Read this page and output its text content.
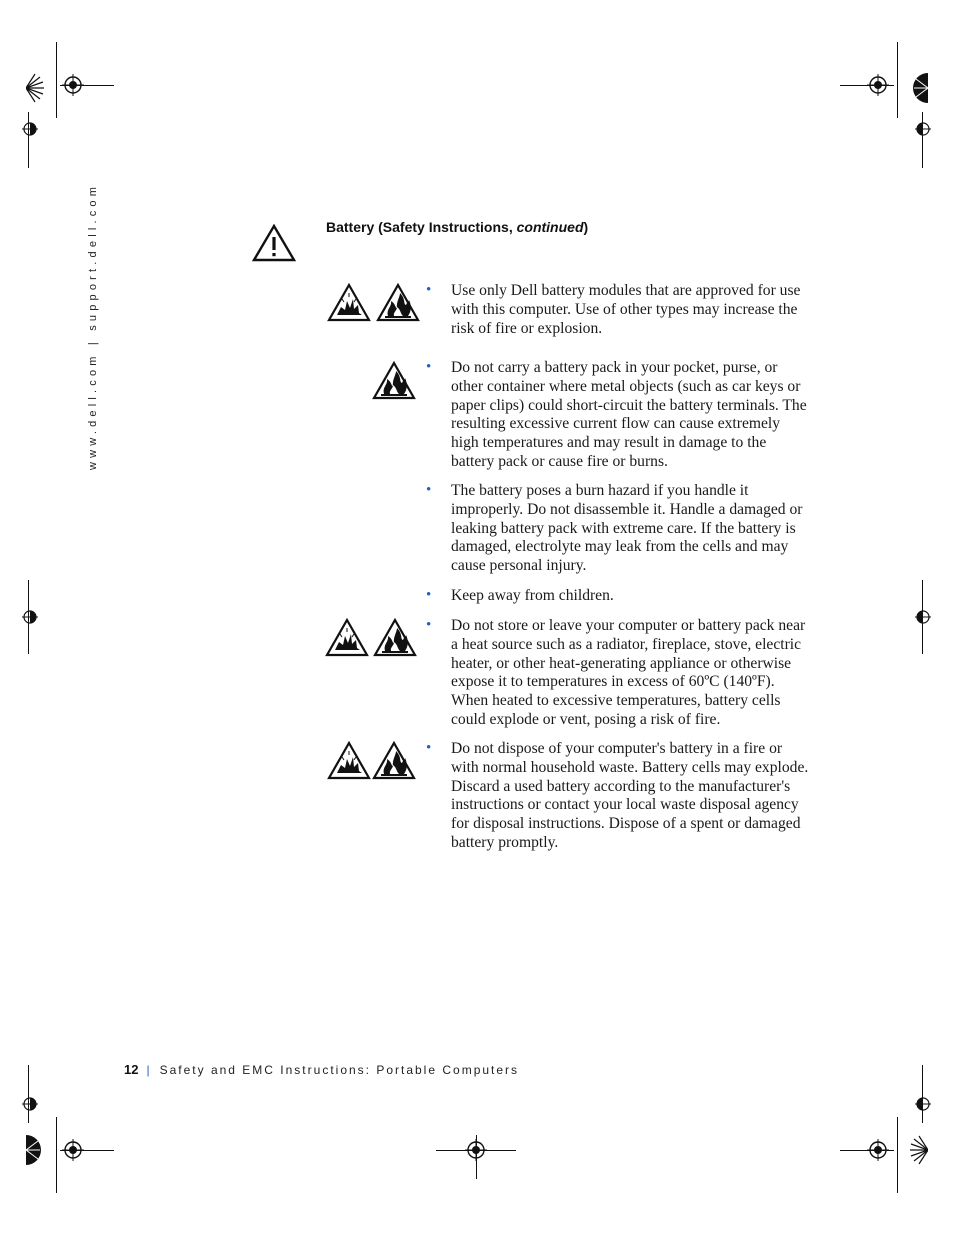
www.dell.com | support.dell.com	Battery (Safety Instructions, continued)
• Use only Dell battery modules that are approved for use with this computer. Use of other types may increase the risk of fire or explosion.
• Do not carry a battery pack in your pocket, purse, or other container where metal objects (such as car keys or paper clips) could short-circuit the battery terminals. The resulting excessive current flow can cause extremely high temperatures and may result in damage to the battery pack or cause fire or burns.
• The battery poses a burn hazard if you handle it improperly. Do not disassemble it. Handle a damaged or leaking battery pack with extreme care. If the battery is damaged, electrolyte may leak from the cells and may cause personal injury.
• Keep away from children.
• Do not store or leave your computer or battery pack near a heat source such as a radiator, fireplace, stove, electric heater, or other heat-generating appliance or otherwise expose it to temperatures in excess of 60ºC (140ºF). When heated to excessive temperatures, battery cells could explode or vent, posing a risk of fire.
• Do not dispose of your computer's battery in a fire or with normal household waste. Battery cells may explode. Discard a used battery according to the manufacturer's instructions or contact your local waste disposal agency for disposal instructions. Dispose of a spent or damaged battery promptly.
12 | Safety and EMC Instructions: Portable Computers
